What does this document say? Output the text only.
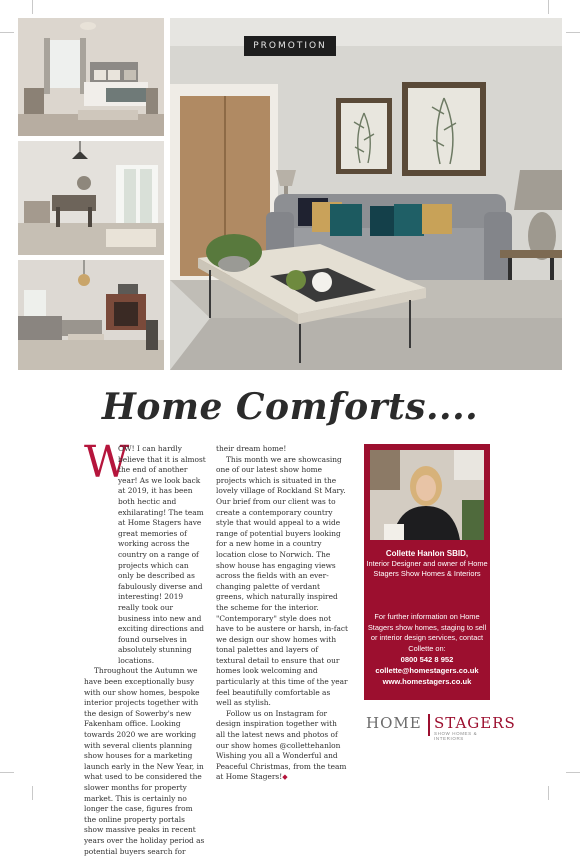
PROMOTION
Home Comforts....
W

OW! I can hardly believe that it is almost the end of another year! As we look back at 2019, it has been both hectic and exhilarating! The team at Home Stagers have great memories of working across the country on a range of projects which can only be described as fabulously diverse and interesting! 2019 really took our business into new and exciting directions and found ourselves in absolutely stunning locations.

Throughout the Autumn we have been exceptionally busy with our show homes, bespoke interior projects together with the design of Sowerby's new Fakenham office. Looking towards 2020 we are working with several clients planning show houses for a marketing launch early in the New Year, in what used to be considered the slower months for property market. This is certainly no longer the case, figures from the online property portals show massive peaks in recent years over the holiday period as potential buyers search for

their dream home!

This month we are showcasing one of our latest show home projects which is situated in the lovely village of Rockland St Mary. Our brief from our client was to create a contemporary country style that would appeal to a wide range of potential buyers looking for a new home in a country location close to Norwich. The show house has engaging views across the fields with an ever-changing palette of verdant greens, which naturally inspired the scheme for the interior. "Contemporary" style does not have to be austere or harsh, in-fact we design our show homes with tonal palettes and layers of textural detail to ensure that our homes look welcoming and particularly at this time of the year feel beautifully comfortable as well as stylish.

Follow us on Instagram for design inspiration together with all the latest news and photos of our show homes @collettehanlon Wishing you all a Wonderful and Peaceful Christmas, from the team at Home Stagers!◆

Collette Hanlon SBID,
Interior Designer and owner of Home Stagers Show Homes & Interiors
For further information on Home Stagers show homes, staging to sell or interior design services, contact Collette on:
0800 542 8 952
collette@homestagers.co.uk
www.homestagers.co.uk
HOME STAGERS
SHOW HOMES & INTERIORS
